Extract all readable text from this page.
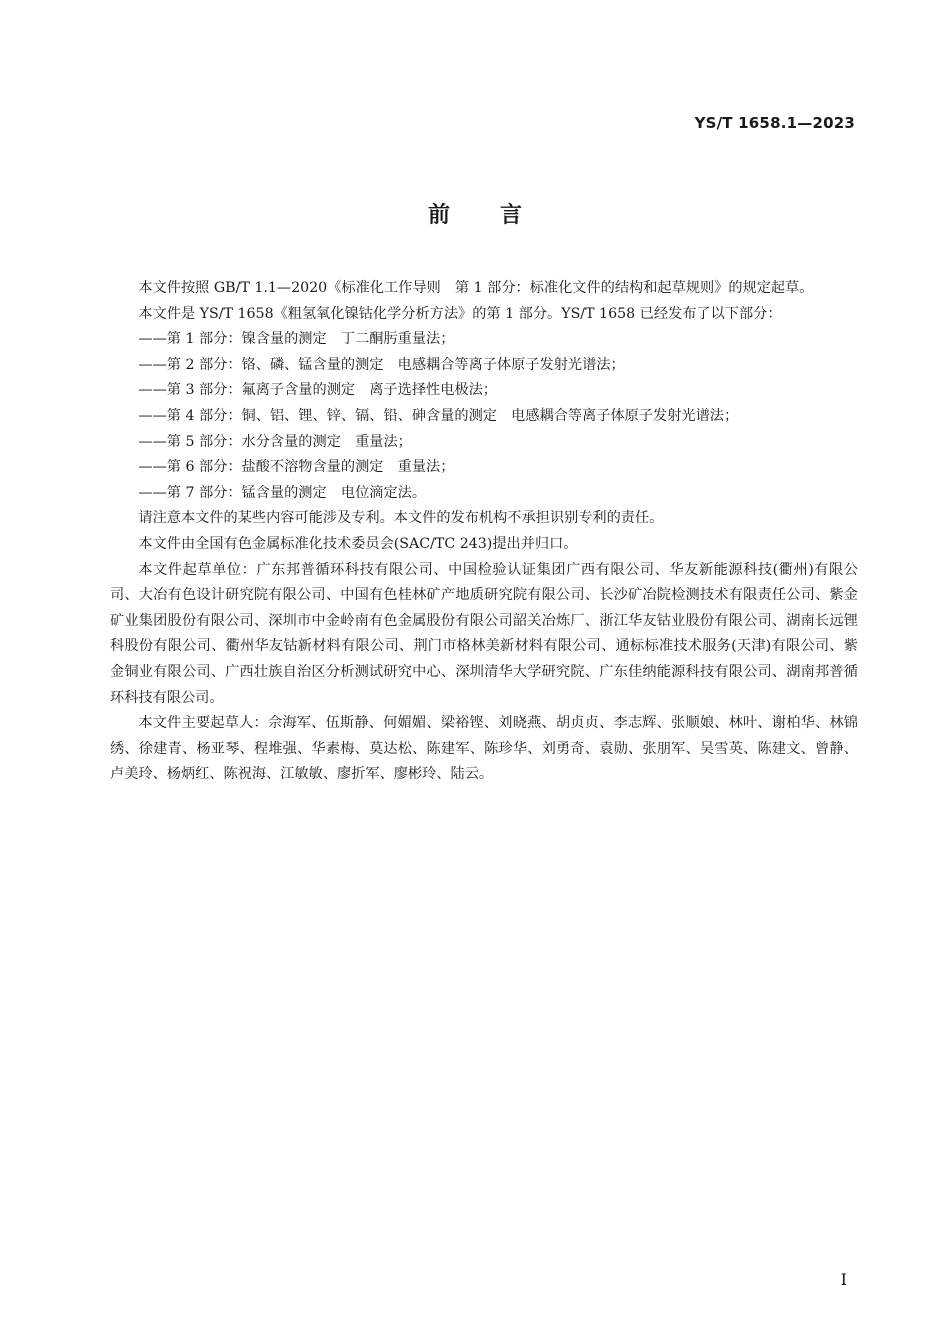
YS/T 1658.1—2023
前言

本文件按照 GB/T 1.1—2020《标准化工作导则　第 1 部分：标准化文件的结构和起草规则》的规定起草。

本文件是 YS/T 1658《粗氢氧化镍钴化学分析方法》的第 1 部分。YS/T 1658 已经发布了以下部分：

——第 1 部分：镍含量的测定　丁二酮肟重量法；

——第 2 部分：铬、磷、锰含量的测定　电感耦合等离子体原子发射光谱法；

——第 3 部分：氟离子含量的测定　离子选择性电极法；

——第 4 部分：铜、铝、锂、锌、镉、铅、砷含量的测定　电感耦合等离子体原子发射光谱法；

——第 5 部分：水分含量的测定　重量法；

——第 6 部分：盐酸不溶物含量的测定　重量法；

——第 7 部分：锰含量的测定　电位滴定法。

请注意本文件的某些内容可能涉及专利。本文件的发布机构不承担识别专利的责任。

本文件由全国有色金属标准化技术委员会(SAC/TC 243)提出并归口。

本文件起草单位：广东邦普循环科技有限公司、中国检验认证集团广西有限公司、华友新能源科技(衢州)有限公司、大冶有色设计研究院有限公司、中国有色桂林矿产地质研究院有限公司、长沙矿冶院检测技术有限责任公司、紫金矿业集团股份有限公司、深圳市中金岭南有色金属股份有限公司韶关冶炼厂、浙江华友钴业股份有限公司、湖南长远锂科股份有限公司、衢州华友钴新材料有限公司、荆门市格林美新材料有限公司、通标标准技术服务(天津)有限公司、紫金铜业有限公司、广西壮族自治区分析测试研究中心、深圳清华大学研究院、广东佳纳能源科技有限公司、湖南邦普循环科技有限公司。

本文件主要起草人：佘海军、伍斯静、何媚媚、梁裕铿、刘晓燕、胡贞贞、李志辉、张顺娘、林叶、谢柏华、林锦绣、徐建青、杨亚琴、程堆强、华素梅、莫达松、陈建军、陈珍华、刘勇奇、袁勋、张朋军、吴雪英、陈建文、曾静、卢美玲、杨炳红、陈祝海、江敏敏、廖折军、廖彬玲、陆云。

I
